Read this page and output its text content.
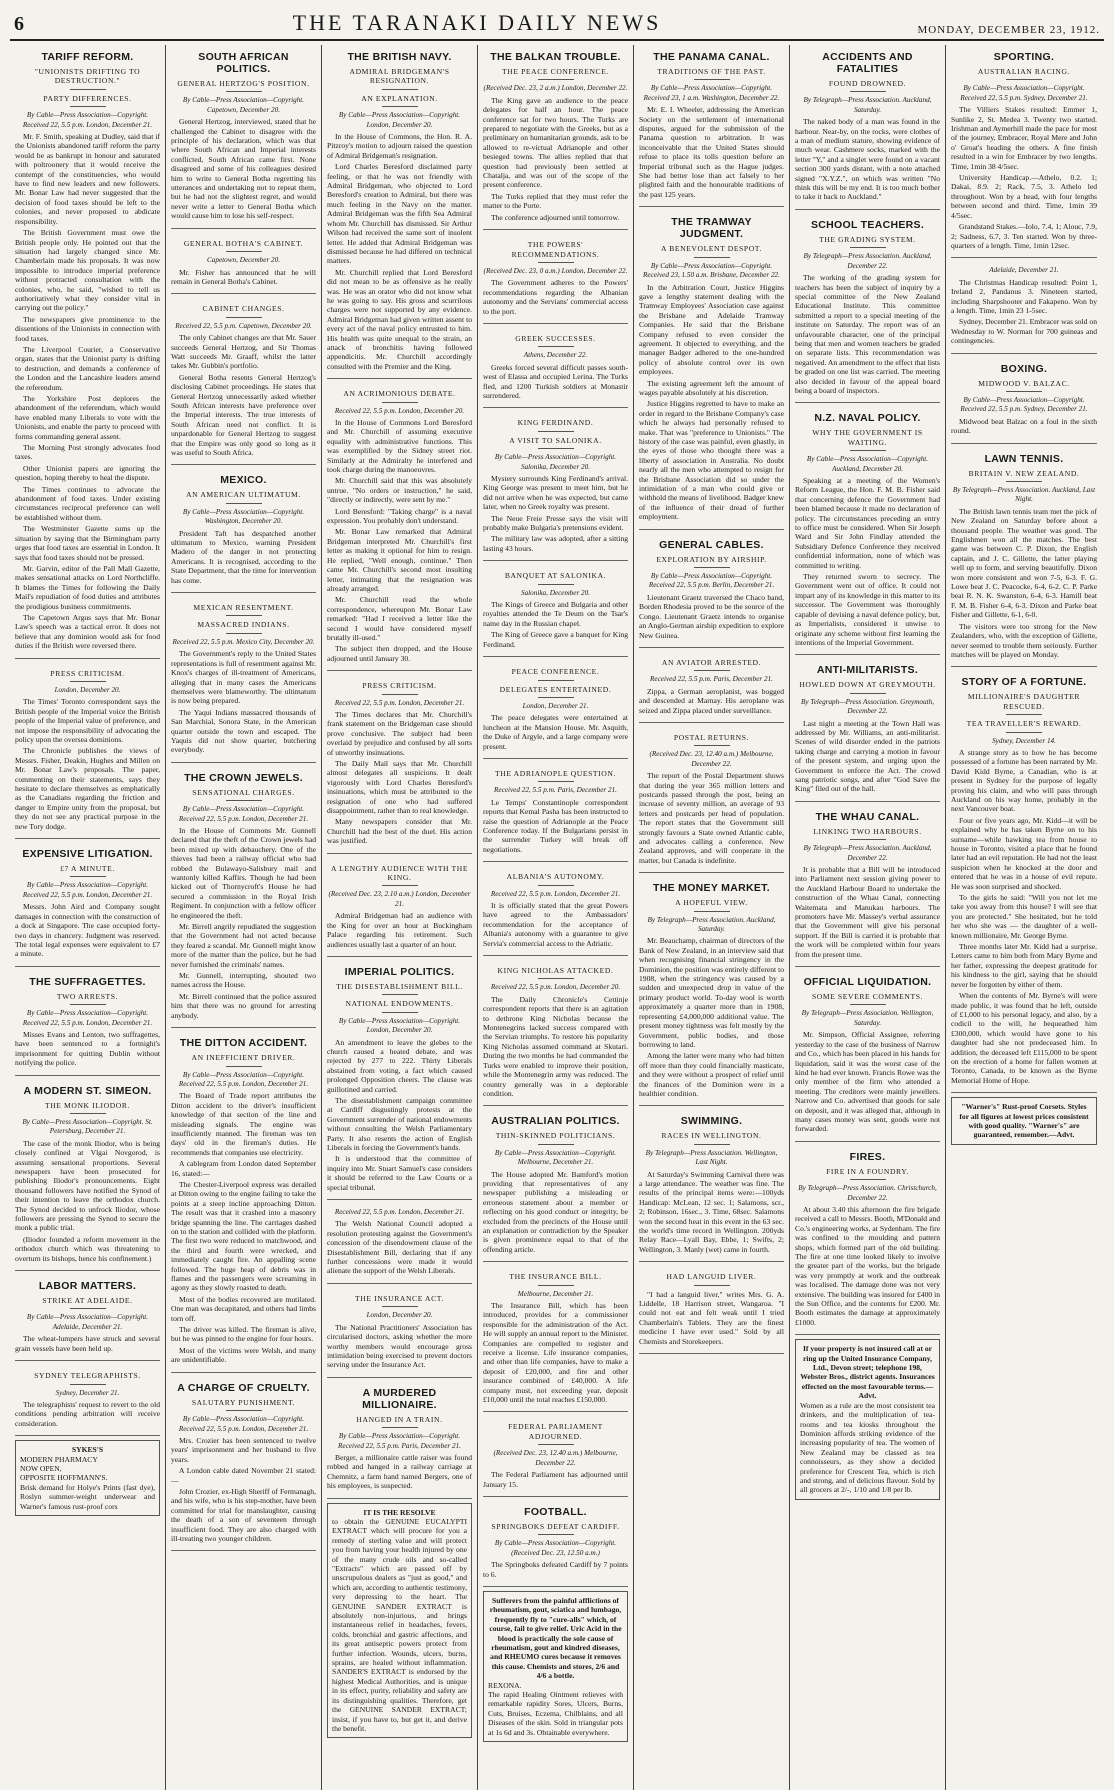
6	THE TARANAKI DAILY NEWS	MONDAY, DECEMBER 23, 1912.
TARIFF REFORM.
"UNIONISTS DRIFTING TO DESTRUCTION."
PARTY DIFFERENCES.
By Cable—Press Association—Copyright. Received 22, 5.5 p.m. London, December 21.

Mr. F. Smith, speaking at Dudley, said that if the Unionists abandoned tariff reform the party would be as bankrupt in honour and saturated with poltroonery that it would receive the contempt of the constituencies, who would have to find new leaders and new followers. Mr. Bonar Law had never suggested that the decision of food taxes should be left to the colonies, and never proposed to abdicate responsibility.

The British Government must owe the British people only. He pointed out that the situation had largely changed since Mr. Chamberlain made his proposals. It was now impossible to introduce imperial preference without protracted consultation with the colonies, who, he said, "wished to tell us authoritatively what they consider vital in carrying out the policy."

The newspapers give prominence to the dissentions of the Unionists in connection with food taxes.

The Liverpool Courier, a Conservative organ, states that the Unionist party is drifting to destruction, and demands a conference of the London and the Lancashire leaders amend the referendum.

The Yorkshire Post deplores the abandonment of the referendum, which would have enabled many Liberals to vote with the Unionists, and enable the party to proceed with forms commanding general assent.

The Morning Post strongly advocates food taxes.

Other Unionist papers are ignoring the question, hoping thereby to heal the dispute.

The Times continues to advocate the abandonment of food taxes. Under existing circumstances reciprocal preference can well be established without them.

The Westminster Gazette sums up the situation by saying that the Birmingham party urges that food taxes are essential in London. It says that food taxes should not be pressed.

Mr. Garvin, editor of the Pall Mall Gazette, makes sensational attacks on Lord Northcliffe. It blames the Times for following the Daily Mail's repudiation of food duties and attributes the prodigious business commitments.

The Capetown Argus says that Mr. Bonar Law's speech was a tactical error. It does not believe that any dominion would ask for food duties if the British were reversed there.

PRESS CRITICISM.
London, December 20.

The Times' Toronto correspondent says the British people of the Imperial voice the British people of the Imperial value of preference, and not impose the responsibility of advocating the policy upon the oversea dominions.

The Chronicle publishes the views of Messrs. Fisher, Deakin, Hughes and Millen on Mr. Bonar Law's proposals. The paper, commenting on their statements, says they hesitate to declare themselves as emphatically as the Canadians regarding the friction and danger to Empire unity from the proposal, but they do not see any practical purpose in the new Tory dodge.

EXPENSIVE LITIGATION.
£7 A MINUTE.
By Cable—Press Association—Copyright. Received 22, 5.5 p.m. London, December 21.

Messrs. John Aird and Company sought damages in connection with the construction of a dock at Singapore. The case occupied forty-two days in chancery. Judgment was reserved. The total legal expenses were equivalent to £7 a minute.

THE SUFFRAGETTES.
TWO ARRESTS.
By Cable—Press Association—Copyright. Received 22, 5.5 p.m. London, December 21.

Misses Evans and Lenton, two suffragettes, have been sentenced to a fortnight's imprisonment for quitting Dublin without notifying the police.

A MODERN ST. SIMEON.
THE MONK ILIODOR.
By Cable—Press Association—Copyright. St. Petersburg, December 21.

The case of the monk Iliodor, who is being closely confined at Vlgai Novgorod, is assuming sensational proportions. Several newspapers have been prosecuted for publishing Iliodor's pronouncements. Eight thousand followers have notified the Synod of their intention to leave the orthodox church. The Synod decided to unfrock Iliodor, whose followers are pressing the Synod to secure the monk a public trial.

(Iliodor founded a reform movement in the orthodox church which was threatening to overturn its bishops, hence his confinement.)

LABOR MATTERS.
STRIKE AT ADELAIDE.
By Cable—Press Association—Copyright. Adelaide, December 21.

The wheat-lumpers have struck and several grain vessels have been held up.

SYDNEY TELEGRAPHISTS.
Sydney, December 21.

The telegraphists' request to revert to the old conditions pending arbitration will receive consideration.

SYKES'S
MODERN PHARMACY
NOW OPEN,
OPPOSITE HOFFMANN'S.
Brisk demand for Holye's Prints (fast dye), Roslyn summer-weight underwear and Warner's famous rust-proof cors
SOUTH AFRICAN POLITICS.
GENERAL HERTZOG'S POSITION.
By Cable—Press Association—Copyright. Capetown, December 20.

General Hertzog, interviewed, stated that he challenged the Cabinet to disagree with the principle of his declaration, which was that where South African and Imperial interests conflicted, South African came first. None disagreed and some of his colleagues desired him to write to General Botha regretting his utterances and undertaking not to repeat them, but he had not the slightest regret, and would never write a letter to General Botha which would cause him to lose his self-respect.

GENERAL BOTHA'S CABINET.
Capetown, December 20.

Mr. Fisher has announced that he will remain in General Botha's Cabinet.

CABINET CHANGES.
Received 22, 5.5 p.m. Capetown, December 20.

The only Cabinet changes are that Mr. Sauer succeeds General Hertzog, and Sir Thomas Watt succeeds Mr. Graaff, whilst the latter takes Mr. Gubbin's portfolio.

General Botha resents General Hertzog's disclosing Cabinet proceedings. He states that General Hertzog unnecessarily asked whether South African interests have preference over the Imperial interests. The true interests of South African need not conflict. It is unpardonable for General Hertzog to suggest that the Empire was only good so long as it was useful to South Africa.

MEXICO.
AN AMERICAN ULTIMATUM.
By Cable—Press Association—Copyright. Washington, December 20.

President Taft has despatched another ultimatum to Mexico, warning President Madero of the danger in not protecting Americans. It is recognised, according to the State Department, that the time for intervention has come.

MEXICAN RESENTMENT.
MASSACRED INDIANS.
Received 22, 5.5 p.m. Mexico City, December 20.

The Government's reply to the United States representations is full of resentment against Mr. Knox's charges of ill-treatment of Americans, alleging that in many cases the Americans themselves were blameworthy. The ultimatum is now being prepared.

The Yaqui Indians massacred thousands of San Marchial, Sonora State, in the American quarter outside the town and escaped. The Yaquis did not show quarter, butchering everybody.

THE CROWN JEWELS.
SENSATIONAL CHARGES.
By Cable—Press Association—Copyright. Received 22, 5.5 p.m. London, December 21.

In the House of Commons Mr. Gunnell declared that the theft of the Crown jewels had been mixed up with debauchery. One of the thieves had been a railway official who had robbed the Bulawayo-Salisbury mail and wantonly killed Kaffirs. Though he had been kicked out of Thornycroft's House he had secured a commission in the Royal Irish Regiment. In conjunction with a fellow officer he engineered the theft.

Mr. Birrell angrily repudiated the suggestion that the Government had not acted because they feared a scandal. Mr. Gunnell might know more of the matter than the police, but he had never furnished the criminals' names.

Mr. Gunnell, interrupting, shouted two names across the House.

Mr. Birrell continued that the police assured him that there was no ground for arresting anybody.

THE DITTON ACCIDENT.
AN INEFFICIENT DRIVER.
By Cable—Press Association—Copyright. Received 22, 5.5 p.m. London, December 21.

The Board of Trade report attributes the Ditton accident to the driver's insufficient knowledge of that section of the line and misleading signals. The engine was insufficiently manned. The fireman was ten days' old in the fireman's duties. He recommends that companies use electricity.

A cablegram from London dated September 16, stated:—

The Chester-Liverpool express was derailed at Ditton owing to the engine failing to take the points at a steep incline approaching Ditton. The result was that it crashed into a masonry bridge spanning the line. The carriages dashed on to the station and collided with the platform. The first two were reduced to matchwood, and the third and fourth were wrecked, and immediately caught fire. An appalling scene followed. The huge heap of debris was in flames and the passengers were screaming in agony as they slowly roasted to death.

Most of the bodies recovered are mutilated. One man was decapitated, and others had limbs torn off.

The driver was killed. The fireman is alive, but he was pinned to the engine for four hours.

Most of the victims were Welsh, and many are unidentifiable.

A CHARGE OF CRUELTY.
SALUTARY PUNISHMENT.
By Cable—Press Association—Copyright. Received 22, 5.5 p.m. London, December 21.

Mrs. Crozier has been sentenced to twelve years' imprisonment and her husband to five years.

A London cable dated November 21 stated:—

John Crozier, ex-High Sheriff of Fermanagh, and his wife, who is his step-mother, have been committed for trial for manslaughter, causing the death of a son of seventeen through insufficient food. They are also charged with ill-treating two younger children.

THE BRITISH NAVY.
ADMIRAL BRIDGEMAN'S RESIGNATION.
AN EXPLANATION.
By Cable—Press Association—Copyright. London, December 20.

In the House of Commons, the Hon. R. A. Pitzroy's motion to adjourn raised the question of Admiral Bridgeman's resignation.

Lord Charles Beresford disclaimed party feeling, or that he was not friendly with Admiral Bridgeman, who objected to Lord Beresford's creation to Admiral, but there was much feeling in the Navy on the matter. Admiral Bridgeman was the fifth Sea Admiral whom Mr. Churchill has dismissed. Sir Arthur Wilson had received the same sort of insolent letter. He added that Admiral Bridgeman was dismissed because he had differed on technical matters.

Mr. Churchill replied that Lord Beresford did not mean to be as offensive as he really was. He was an orator who did not know what he was going to say. His gross and scurrilous charges were not supported by any evidence. Admiral Bridgeman had given written assent to every act of the naval policy entrusted to him. His health was quite unequal to the strain, an attack of bronchitis having followed appendicitis. Mr. Churchill accordingly consulted with the Premier and the King.

AN ACRIMONIOUS DEBATE.
Received 22, 5.5 p.m. London, December 20.

In the House of Commons Lord Beresford and Mr. Churchill of assuming executive equality with administrative functions. This was exemplified by the Sidney street riot. Similarly at the Admiralty he interfered and took charge during the manoeuvres.

Mr. Churchill said that this was absolutely untrue. "No orders or instruction," he said, "directly or indirectly, were sent by me."

Lord Beresford: "Taking charge" is a naval expression. You probably don't understand.

Mr. Bonar Law remarked that Admiral Bridgeman interpreted Mr. Churchill's first letter as making it optional for him to resign. He replied, "Well enough, continue." Then came Mr. Churchill's second most insulting letter, intimating that the resignation was already arranged.

Mr. Churchill read the whole correspondence, whereupon Mr. Bonar Law remarked: "Had I received a letter like the second I would have considered myself brutally ill-used."

The subject then dropped, and the House adjourned until January 30.

PRESS CRITICISM.
Received 22, 5.5 p.m. London, December 21.

The Times declares that Mr. Churchill's frank statement on the Bridgeman case should prove conclusive. The subject had been overlaid by prejudice and confused by all sorts of unworthy insinuations.

The Daily Mail says that Mr. Churchill almost delegates all suspicions. It dealt vigorously with Lord Charles Beresford's insinuations, which must be attributed to the resignation of one who had suffered disappointment, rather than to real knowledge.

Many newspapers consider that Mr. Churchill had the best of the duel. His action was justified.

A LENGTHY AUDIENCE WITH THE KING.
(Received Dec. 23, 2.10 a.m.) London, December 21.

Admiral Bridgeman had an audience with the King for over an hour at Buckingham Palace regarding his retirement. Such audiences usually last a quarter of an hour.

IMPERIAL POLITICS.
THE DISESTABLISHMENT BILL.
NATIONAL ENDOWMENTS.
By Cable—Press Association—Copyright. London, December 20.

An amendment to leave the glebes to the church caused a heated debate, and was rejected by 277 to 222. Thirty Liberals abstained from voting, a fact which caused prolonged Opposition cheers. The clause was guillotined and carried.

The disestablishment campaign committee at Cardiff disgustingly protests at the Government surrender of national endowments without consulting the Welsh Parliamentary Party. It also resents the action of English Liberals in forcing the Government's hands.

It is understood that the committee of inquiry into Mr. Stuart Samuel's case considers it should be referred to the Law Courts or a special tribunal.

Received 22, 5.5 p.m. London, December 21.

The Welsh National Council adopted a resolution protesting against the Government's concession of the disendowment clause of the Disestablishment Bill, declaring that if any further concessions were made it would alienate the support of the Welsh Liberals.

THE INSURANCE ACT.
London, December 20.

The National Practitioners' Association has circularised doctors, asking whether the more worthy members would encourage gross intimidation being exercised to prevent doctors serving under the Insurance Act.

A MURDERED MILLIONAIRE.
HANGED IN A TRAIN.
By Cable—Press Association—Copyright. Received 22, 5.5 p.m. Paris, December 21.

Berger, a millionaire cattle raiser was found robbed and hanged in a railway carriage at Chemnitz, a farm hand named Bergers, one of his employees, is suspected.

IT IS THE RESOLVE
to obtain the GENUINE EUCALYPTI EXTRACT which will procure for you a remedy of sterling value and will protect you from having your health injured by one of the many crude oils and so-called "Extracts" which are passed off by unscrupulous dealers as "just as good," and which are, according to authentic testimony, very depressing to the heart. The GENUINE SANDER EXTRACT is absolutely non-injurious, and brings instantaneous relief in headaches, fevers, colds, bronchial and gastric affections, and its great antiseptic powers protect from further infection. Wounds, ulcers, burns, sprains, are healed without inflammation. SANDER'S EXTRACT is endorsed by the highest Medical Authorities, and is unique in its effect, purity, reliability and safety are its distinguishing qualities. Therefore, get the GENUINE SANDER EXTRACT; insist, if you have to, but get it, and derive the benefit.
THE BALKAN TROUBLE.
THE PEACE CONFERENCE.
(Received Dec. 23, 2 a.m.) London, December 22.

The King gave an audience to the peace delegates for half an hour. The peace conference sat for two hours. The Turks are prepared to negotiate with the Greeks, but as a preliminary on humanitarian grounds, ask to be allowed to re-victual Adrianople and other besieged towns. The allies replied that that question had previously been settled at Chatalja, and was out of the scope of the present conference.

The Turks replied that they must refer the matter to the Porte.

The conference adjourned until tomorrow.

THE POWERS' RECOMMENDATIONS.
(Received Dec. 23, 0 a.m.) London, December 22.

The Government adheres to the Powers' recommendations regarding the Albanian autonomy and the Servians' commercial access to the port.

GREEK SUCCESSES.
Athens, December 22.

Greeks forced several difficult passes south-west of Elassa and occupied Lerina. The Turks fled, and 1200 Turkish soldiers at Monastir surrendered.

KING FERDINAND.
A VISIT TO SALONIKA.
By Cable—Press Association—Copyright. Salonika, December 20.

Mystery surrounds King Ferdinand's arrival. King George was present to meet him, but he did not arrive when he was expected, but came later, when no Greek royalty was present.

The Neue Freie Presse says the visit will probably make Bulgaria's pretensions evident.

The military law was adopted, after a sitting lasting 43 hours.

BANQUET AT SALONIKA.
Salonika, December 20.

The Kings of Greece and Bulgaria and other royalties attended the Te Deum on the Tsar's name day in the Russian chapel.

The King of Greece gave a banquet for King Ferdinand.

PEACE CONFERENCE.
DELEGATES ENTERTAINED.
London, December 21.

The peace delegates were entertained at luncheon at the Mansion House. Mr. Asquith, the Duke of Argyle, and a large company were present.

THE ADRIANOPLE QUESTION.
Received 22, 5.5 p.m. Paris, December 21.

Le Temps' Constantinople correspondent reports that Kemal Pasha has been instructed to raise the question of Adrianople at the Peace Conference today. If the Bulgarians persist in the surrender Turkey will break off negotiations.

ALBANIA'S AUTONOMY.
Received 22, 5.5 p.m. London, December 21.

It is officially stated that the great Powers have agreed to the Ambassadors' recommendation for the acceptance of Albania's autonomy with a guarantee to give Servia's commercial access to the Adriatic.

KING NICHOLAS ATTACKED.
Received 22, 5.5 p.m. London, December 20.

The Daily Chronicle's Cettinje correspondent reports that there is an agitation to dethrone King Nicholas because the Montenegrins lacked success compared with the Servian triumphs. To restore his popularity King Nicholas assumed command at Skutari. During the two months he had commanded the Turks were enabled to improve their position, while the Montenegrin army was reduced. The country generally was in a deplorable condition.

AUSTRALIAN POLITICS.
THIN-SKINNED POLITICIANS.
By Cable—Press Association—Copyright. Melbourne, December 21.

The House adopted Mr. Bamford's motion providing that representatives of any newspaper publishing a misleading or erroneous statement about a member or reflecting on his good conduct or integrity, be excluded from the precincts of the House until an explanation or contradiction by the Speaker is given prominence equal to that of the offending article.

THE INSURANCE BILL.
Melbourne, December 21.

The Insurance Bill, which has been introduced, provides for a commissioner responsible for the administration of the Act. He will supply an annual report to the Minister. Companies are compelled to register and receive a license. Life insurance companies, and other than life companies, have to make a deposit of £20,000, and fire and other insurance combined of £40,000. A life company must, not exceeding year, deposit £10,000 until the total reaches £150,000.

FEDERAL PARLIAMENT ADJOURNED.
(Received Dec. 23, 12.40 a.m.) Melbourne, December 22.

The Federal Parliament has adjourned until January 15.

FOOTBALL.
SPRINGBOKS DEFEAT CARDIFF.
By Cable—Press Association—Copyright. (Received Dec. 23, 12.50 a.m.)

The Springboks defeated Cardiff by 7 points to 6.

Sufferers from the painful afflictions of rheumatism, gout, sciatica and lumbago, frequently fly to "cure-alls" which, of course, fail to give relief. Uric Acid in the blood is practically the sole cause of rheumatism, gout and kindred diseases, and RHEUMO cures because it removes this cause. Chemists and stores, 2/6 and 4/6 a bottle.
REXONA.
The rapid Healing Ointment relieves with remarkable rapidity Sores, Ulcers, Burns, Cuts, Bruises, Eczema, Chilblains, and all Diseases of the skin. Sold in triangular pots at 1s 6d and 3s. Obtainable everywhere.
THE PANAMA CANAL.
TRADITIONS OF THE PAST.
By Cable—Press Association—Copyright. Received 23, 1 a.m. Washington, December 22.

Mr. E. I. Wheeler, addressing the American Society on the settlement of international disputes, argued for the submission of the Panama question to arbitration. It was inconceivable that the United States should refuse to place its tolls question before an Imperial tribunal such as the Hague judges. She had better lose than act falsely to her plighted faith and the honourable traditions of the past 125 years.

THE TRAMWAY JUDGMENT.
A BENEVOLENT DESPOT.
By Cable—Press Association—Copyright. Received 23, 1.50 a.m. Brisbane, December 22.

In the Arbitration Court, Justice Higgins gave a lengthy statement dealing with the Tramway Employees' Association case against the Brisbane and Adelaide Tramway Companies. He said that the Brisbane Company refused to even consider the agreement. It objected to everything, and the manager Badger adhered to the one-hundred policy of absolute control over its own employees.

The existing agreement left the amount of wages payable absolutely at his discretion.

Justice Higgins regretted to have to make an order in regard to the Brisbane Company's case which he always had personally refused to make. That was "preference to Unionists." The history of the case was painful, even ghastly, in the eyes of those who thought there was a liberty of association in Australia. No doubt nearly all the men who attempted to resign for the Brisbane Association did so under the intimidation of a man who could give or withhold the means of livelihood. Badger knew of the influence of their dread of further employment.

GENERAL CABLES.
EXPLORATION BY AIRSHIP.
By Cable—Press Association—Copyright. Received 22, 5.5 p.m. Berlin, December 21.

Lieutenant Graetz traversed the Chaco band, Borden Rhodesia proved to be the source of the Congo. Lieutenant Graetz intends to organise an Anglo-German airship expedition to explore New Guinea.

AN AVIATOR ARRESTED.
Received 22, 5.5 p.m. Paris, December 21.

Zippa, a German aeroplanist, was bogged and descended at Marnay. His aeroplane was seized and Zippa placed under surveillance.

POSTAL RETURNS.
(Received Dec. 23, 12.40 a.m.) Melbourne, December 22.

The report of the Postal Department shows that during the year 365 million letters and postcards passed through the post, being an increase of seventy million, an average of 93 letters and postcards per head of population. The report states that the Government still strongly favours a State owned Atlantic cable, and advocates calling a conference. New Zealand approves, and will cooperate in the matter, but Canada is indefinite.

THE MONEY MARKET.
A HOPEFUL VIEW.
By Telegraph—Press Association. Auckland, Saturday.

Mr. Beauchamp, chairman of directors of the Bank of New Zealand, in an interview said that when recognising financial stringency in the Dominion, the position was entirely different to 1908, when the stringency was caused by a sudden and unexpected drop in value of the primary product world. To-day wool is worth approximately a quarter more than in 1908, representing £4,000,000 additional value. The present money tightness was felt mostly by the Government, public bodies, and those borrowing to land.

Among the latter were many who had bitten off more than they could financially masticate, and they were without a prospect of relief until the finances of the Dominion were in a healthier condition.

SWIMMING.
RACES IN WELLINGTON.
By Telegraph—Press Association. Wellington, Last Night.

At Saturday's Swimming Carnival there was a large attendance. The weather was fine. The results of the principal items were:—100yds Handicap: McLean, 12 sec. 1; Salamons, scr., 2; Robinson, 16sec., 3. Time, 68sec. Salamons won the second heat in this event in the 63 sec. the world's time record in Wellington. 200yds Relay Race—Lyall Bay, Ebbe, 1; Swifts, 2; Wellington, 3. Manly (wet) came in fourth.

HAD LANGUID LIVER.

"I had a languid liver," writes Mrs. G. A. Liddelle, 18 Harrison street, Wangaroa. "I could not eat and felt weak until I tried Chamberlain's Tablets. They are the finest medicine I have ever used." Sold by all Chemists and Storekeepers.

ACCIDENTS AND FATALITIES
FOUND DROWNED.
By Telegraph—Press Association. Auckland, Saturday.

The naked body of a man was found in the harbour. Near-by, on the rocks, were clothes of a man of medium stature, showing evidence of much wear. Cashmere socks, marked with the letter "Y," and a singlet were found on a vacant section 300 yards distant, with a note attached signed "X.Y.Z.", on which was written "No think this will be my end. It is too much bother to take it back to Auckland."

SCHOOL TEACHERS.
THE GRADING SYSTEM.
By Telegraph—Press Association. Auckland, December 22.

The working of the grading system for teachers has been the subject of inquiry by a special committee of the New Zealand Educational Institute. This committee submitted a report to a special meeting of the institute on Saturday. The report was of an unfavourable character, one of the principal being that men and women teachers be graded on separate lists. This recommendation was negatived. An amendment to the effect that lists be graded on one list was carried. The meeting also decided in favour of the appeal board being a board of inspectors.

N.Z. NAVAL POLICY.
WHY THE GOVERNMENT IS WAITING.
By Cable—Press Association—Copyright. Auckland, December 20.

Speaking at a meeting of the Women's Reform League, the Hon. F. M. B. Fisher said that concerning defence the Government had been blamed because it made no declaration of policy. The circumstances preceding an entry to office must be considered. When Sir Joseph Ward and Sir John Findlay attended the Subsidiary Defence Conference they received confidential information, none of which was committed to writing.

They returned sworn to secrecy. The Government went out of office. It could not impart any of its knowledge in this matter to its successor. The Government was thoroughly capable of devising a naval defence policy, but, as Imperialists, considered it unwise to originate any scheme without first learning the intentions of the Imperial Government.

ANTI-MILITARISTS.
HOWLED DOWN AT GREYMOUTH.
By Telegraph—Press Association. Greymouth, December 22.

Last night a meeting at the Town Hall was addressed by Mr. Williams, an anti-militarist. Scenes of wild disorder ended in the patriots taking charge and carrying a motion in favour of the present system, and urging upon the Government to enforce the Act. The crowd sang patriotic songs, and after "God Save the King" filed out of the hall.

THE WHAU CANAL.
LINKING TWO HARBOURS.
By Telegraph—Press Association. Auckland, December 22.

It is probable that a Bill will be introduced into Parliament next session giving power to the Auckland Harbour Board to undertake the construction of the Whau Canal, connecting Waitemata and Manukau harbours. The promoters have Mr. Massey's verbal assurance that the Government will give his personal support. If the Bill is carried it is probable that the work will be completed within four years from the present time.

OFFICIAL LIQUIDATION.
SOME SEVERE COMMENTS.
By Telegraph—Press Association. Wellington, Saturday.

Mr. Simpson, Official Assignee, referring yesterday to the case of the business of Narrow and Co., which has been placed in his hands for liquidation, said it was the worst case of the kind he had ever known. Francis Rowe was the only member of the firm who attended a meeting. The creditors were mainly jewellers. Narrow and Co. advertised that goods for sale on deposit, and it was alleged that, although in many cases money was sent, goods were not forwarded.

FIRES.
FIRE IN A FOUNDRY.
By Telegraph—Press Association. Christchurch, December 22.

At about 3.40 this afternoon the fire brigade received a call to Messrs. Booth, M'Donald and Co.'s engineering works, at Sydenham. The fire was confined to the moulding and pattern shops, which formed part of the old building. The fire at one time looked likely to involve the greater part of the works, but the brigade was very promptly at work and the outbreak was localised. The damage done was not very extensive. The building was insured for £400 in the Sun Office, and the contents for £200. Mr. Booth estimates the damage at approximately £1000.

If your property is not insured call at or ring up the United Insurance Company, Ltd., Devon street; telephone 198, Webster Bros., district agents. Insurances effected on the most favourable terms.—Advt.
Women as a rule are the most consistent tea drinkers, and the multiplication of tea-rooms and tea kiosks throughout the Dominion affords striking evidence of the increasing popularity of tea. The women of New Zealand may be classed as tea connoisseurs, as they show a decided preference for Crescent Tea, which is rich and strong, and of delicious flavour. Sold by all grocers at 2/-, 1/10 and 1/8 per lb.
SPORTING.
AUSTRALIAN RACING.
By Cable—Press Association—Copyright. Received 22, 5.5 p.m. Sydney, December 21.

The Villiers Stakes resulted: Emmer 1, Sunlike 2, St. Medea 3. Twenty two started. Irishman and Aymerhill made the pace for most of the journey, Embracer, Royal Mere and John o' Groat's heading the others. A fine finish resulted in a win for Embracer by two lengths. Time, 1min 38 4/5sec.

University Handicap.—Athelo, 0.2. 1; Dakai, 8.9. 2; Rack, 7.5, 3. Athelo led throughout. Won by a head, with four lengths between second and third. Time, 1min 39 4/5sec.

Grandstand Stakes.—Iolo, 7.4, 1; Alouc, 7.9, 2; Sadness, 6.7, 3. Ten started. Won by three-quarters of a length. Time, 1min 12sec.

Adelaide, December 21.

The Christmas Handicap resulted: Point 1, Ireland 2, Pandanus 3. Nineteen started, including Sharpshooter and Fakapeno. Won by a length. Time, 1min 23 1-5sec.

Sydney, December 21. Embracer was sold on Wednesday to W. Norman for 700 guineas and contingencies.

BOXING.
MIDWOOD V. BALZAC.
By Cable—Press Association—Copyright. Received 22, 5.5 p.m. Sydney, December 21.

Midwood beat Balzac on a foul in the sixth round.

LAWN TENNIS.
BRITAIN V. NEW ZEALAND.
By Telegraph—Press Association. Auckland, Last Night.

The British lawn tennis team met the pick of New Zealand on Saturday before about a thousand people. The weather was good. The Englishmen won all the matches. The best game was between C. P. Dixon, the English captain, and J. C. Gillette, the latter playing well up to form, and serving beautifully. Dixon won more consistent and won 7-5, 6-3. F. G. Lowe beat J. C. Peacocke, 6-4, 6-2. C. P. Parke beat R. N. K. Swanston, 6-4, 6-3. Hamill beat F. M. B. Fisher 6-4, 6-3. Dixon and Parke beat Fisher and Gillette, 6-1, 6-0.

The visitors were too strong for the New Zealanders, who, with the exception of Gillette, never seemed to trouble them seriously. Further matches will be played on Monday.

STORY OF A FORTUNE.
MILLIONAIRE'S DAUGHTER RESCUED.
TEA TRAVELLER'S REWARD.
Sydney, December 14.

A strange story as to how he has become possessed of a fortune has been narrated by Mr. David Kidd Byrne, a Canadian, who is at present in Sydney for the purpose of legally proving his claim, and who will pass through Auckland on his way home, probably in the next Vancouver boat.

Four or five years ago, Mr. Kidd—it will be explained why he has taken Byrne on to his surname—while hawking tea from house to house in Toronto, visited a place that he found later had an evil reputation. He had not the least suspicion when he knocked at the door and entered that he was in a house of evil repute. He was soon surprised and shocked.

To the girls he said: "Will you not let me take you away from this house? I will see that you are protected." She hesitated, but he told her who she was — the daughter of a well-known millionaire, Mr. George Byrne.

Three months later Mr. Kidd had a surprise. Letters came to him both from Mary Byrne and her father, expressing the deepest gratitude for his kindness to the girl, saying that he should never be forgotten by either of them.

When the contents of Mr. Byrne's will were made public, it was found that he left, outside of £1,000 to his personal legacy, and also, by a codicil to the will, he bequeathed him £300,000, which would have gone to his daughter had she not predeceased him. In addition, the deceased left £115,000 to be spent on the erection of a home for fallen women at Toronto, Canada, to be known as the Byrne Memorial Home of Hope.

"Warner's" Rust-proof Corsets. Styles for all figures at lowest prices consistent with good quality. "Warner's" are guaranteed, remember.—Advt.
